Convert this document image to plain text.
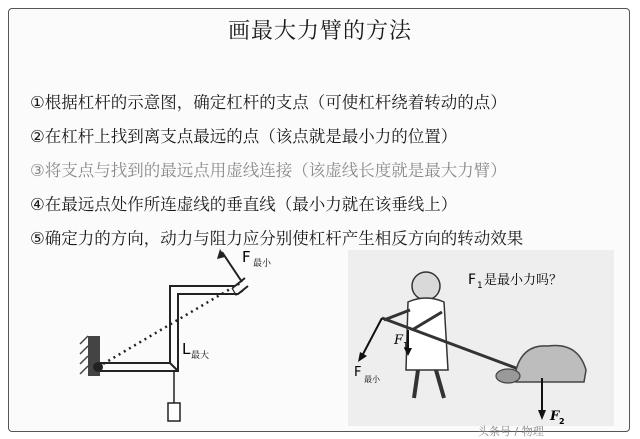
画最大力臂的方法
①根据杠杆的示意图，确定杠杆的支点（可使杠杆绕着转动的点）
②在杠杆上找到离支点最远的点（该点就是最小力的位置）
③将支点与找到的最远点用虚线连接（该虚线长度就是最大力臂）
④在最远点处作所连虚线的垂直线（最小力就在该垂线上）
⑤确定力的方向，动力与阻力应分别使杠杆产生相反方向的转动效果
F 最小
L 最大
F 1 是最小力吗？
F 1
F 最小
F 2
头条号 / 物理
